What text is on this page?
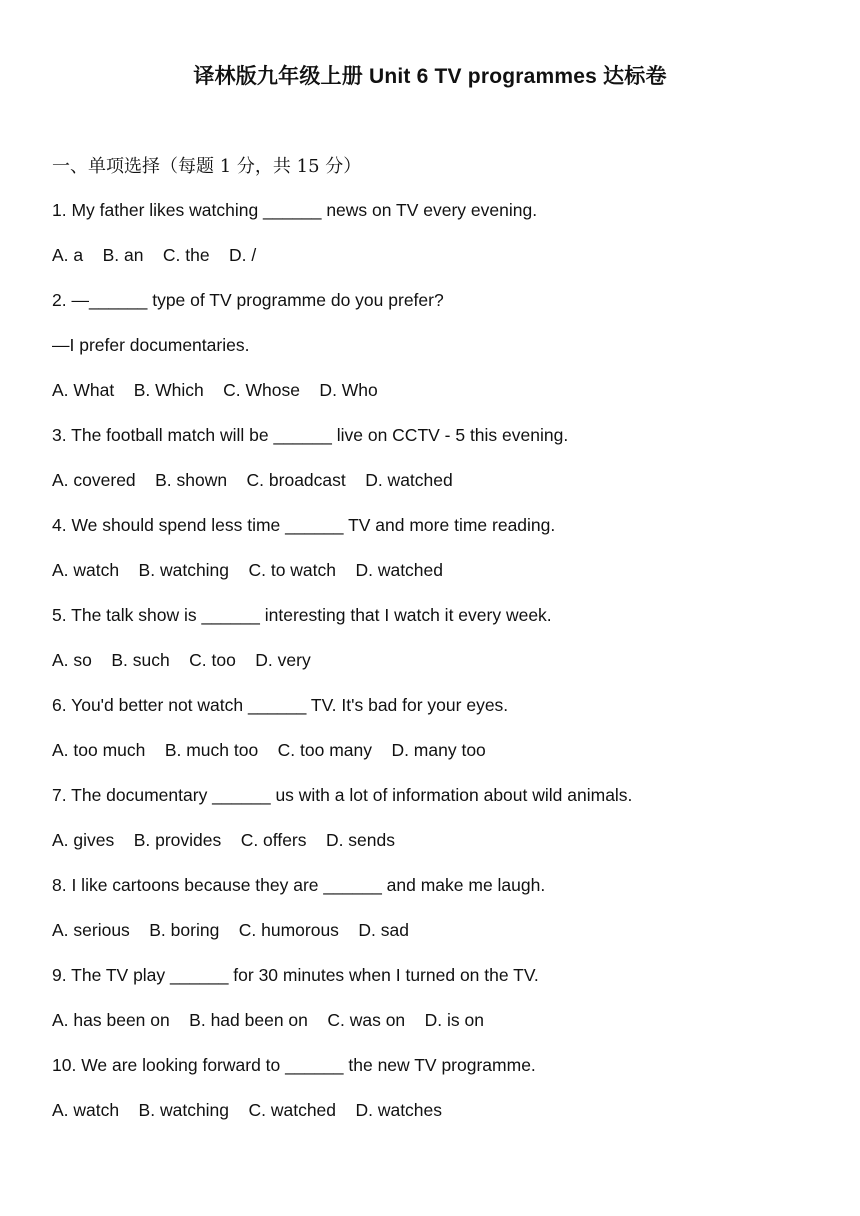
译林版九年级上册 Unit 6 TV programmes 达标卷
一、单项选择（每题 1 分，共 15 分）
1. My father likes watching ______ news on TV every evening.
A. a    B. an    C. the    D. /
2. —______ type of TV programme do you prefer?
—I prefer documentaries.
A. What    B. Which    C. Whose    D. Who
3. The football match will be ______ live on CCTV - 5 this evening.
A. covered    B. shown    C. broadcast    D. watched
4. We should spend less time ______ TV and more time reading.
A. watch    B. watching    C. to watch    D. watched
5. The talk show is ______ interesting that I watch it every week.
A. so    B. such    C. too    D. very
6. You'd better not watch ______ TV. It's bad for your eyes.
A. too much    B. much too    C. too many    D. many too
7. The documentary ______ us with a lot of information about wild animals.
A. gives    B. provides    C. offers    D. sends
8. I like cartoons because they are ______ and make me laugh.
A. serious    B. boring    C. humorous    D. sad
9. The TV play ______ for 30 minutes when I turned on the TV.
A. has been on    B. had been on    C. was on    D. is on
10. We are looking forward to ______ the new TV programme.
A. watch    B. watching    C. watched    D. watches
